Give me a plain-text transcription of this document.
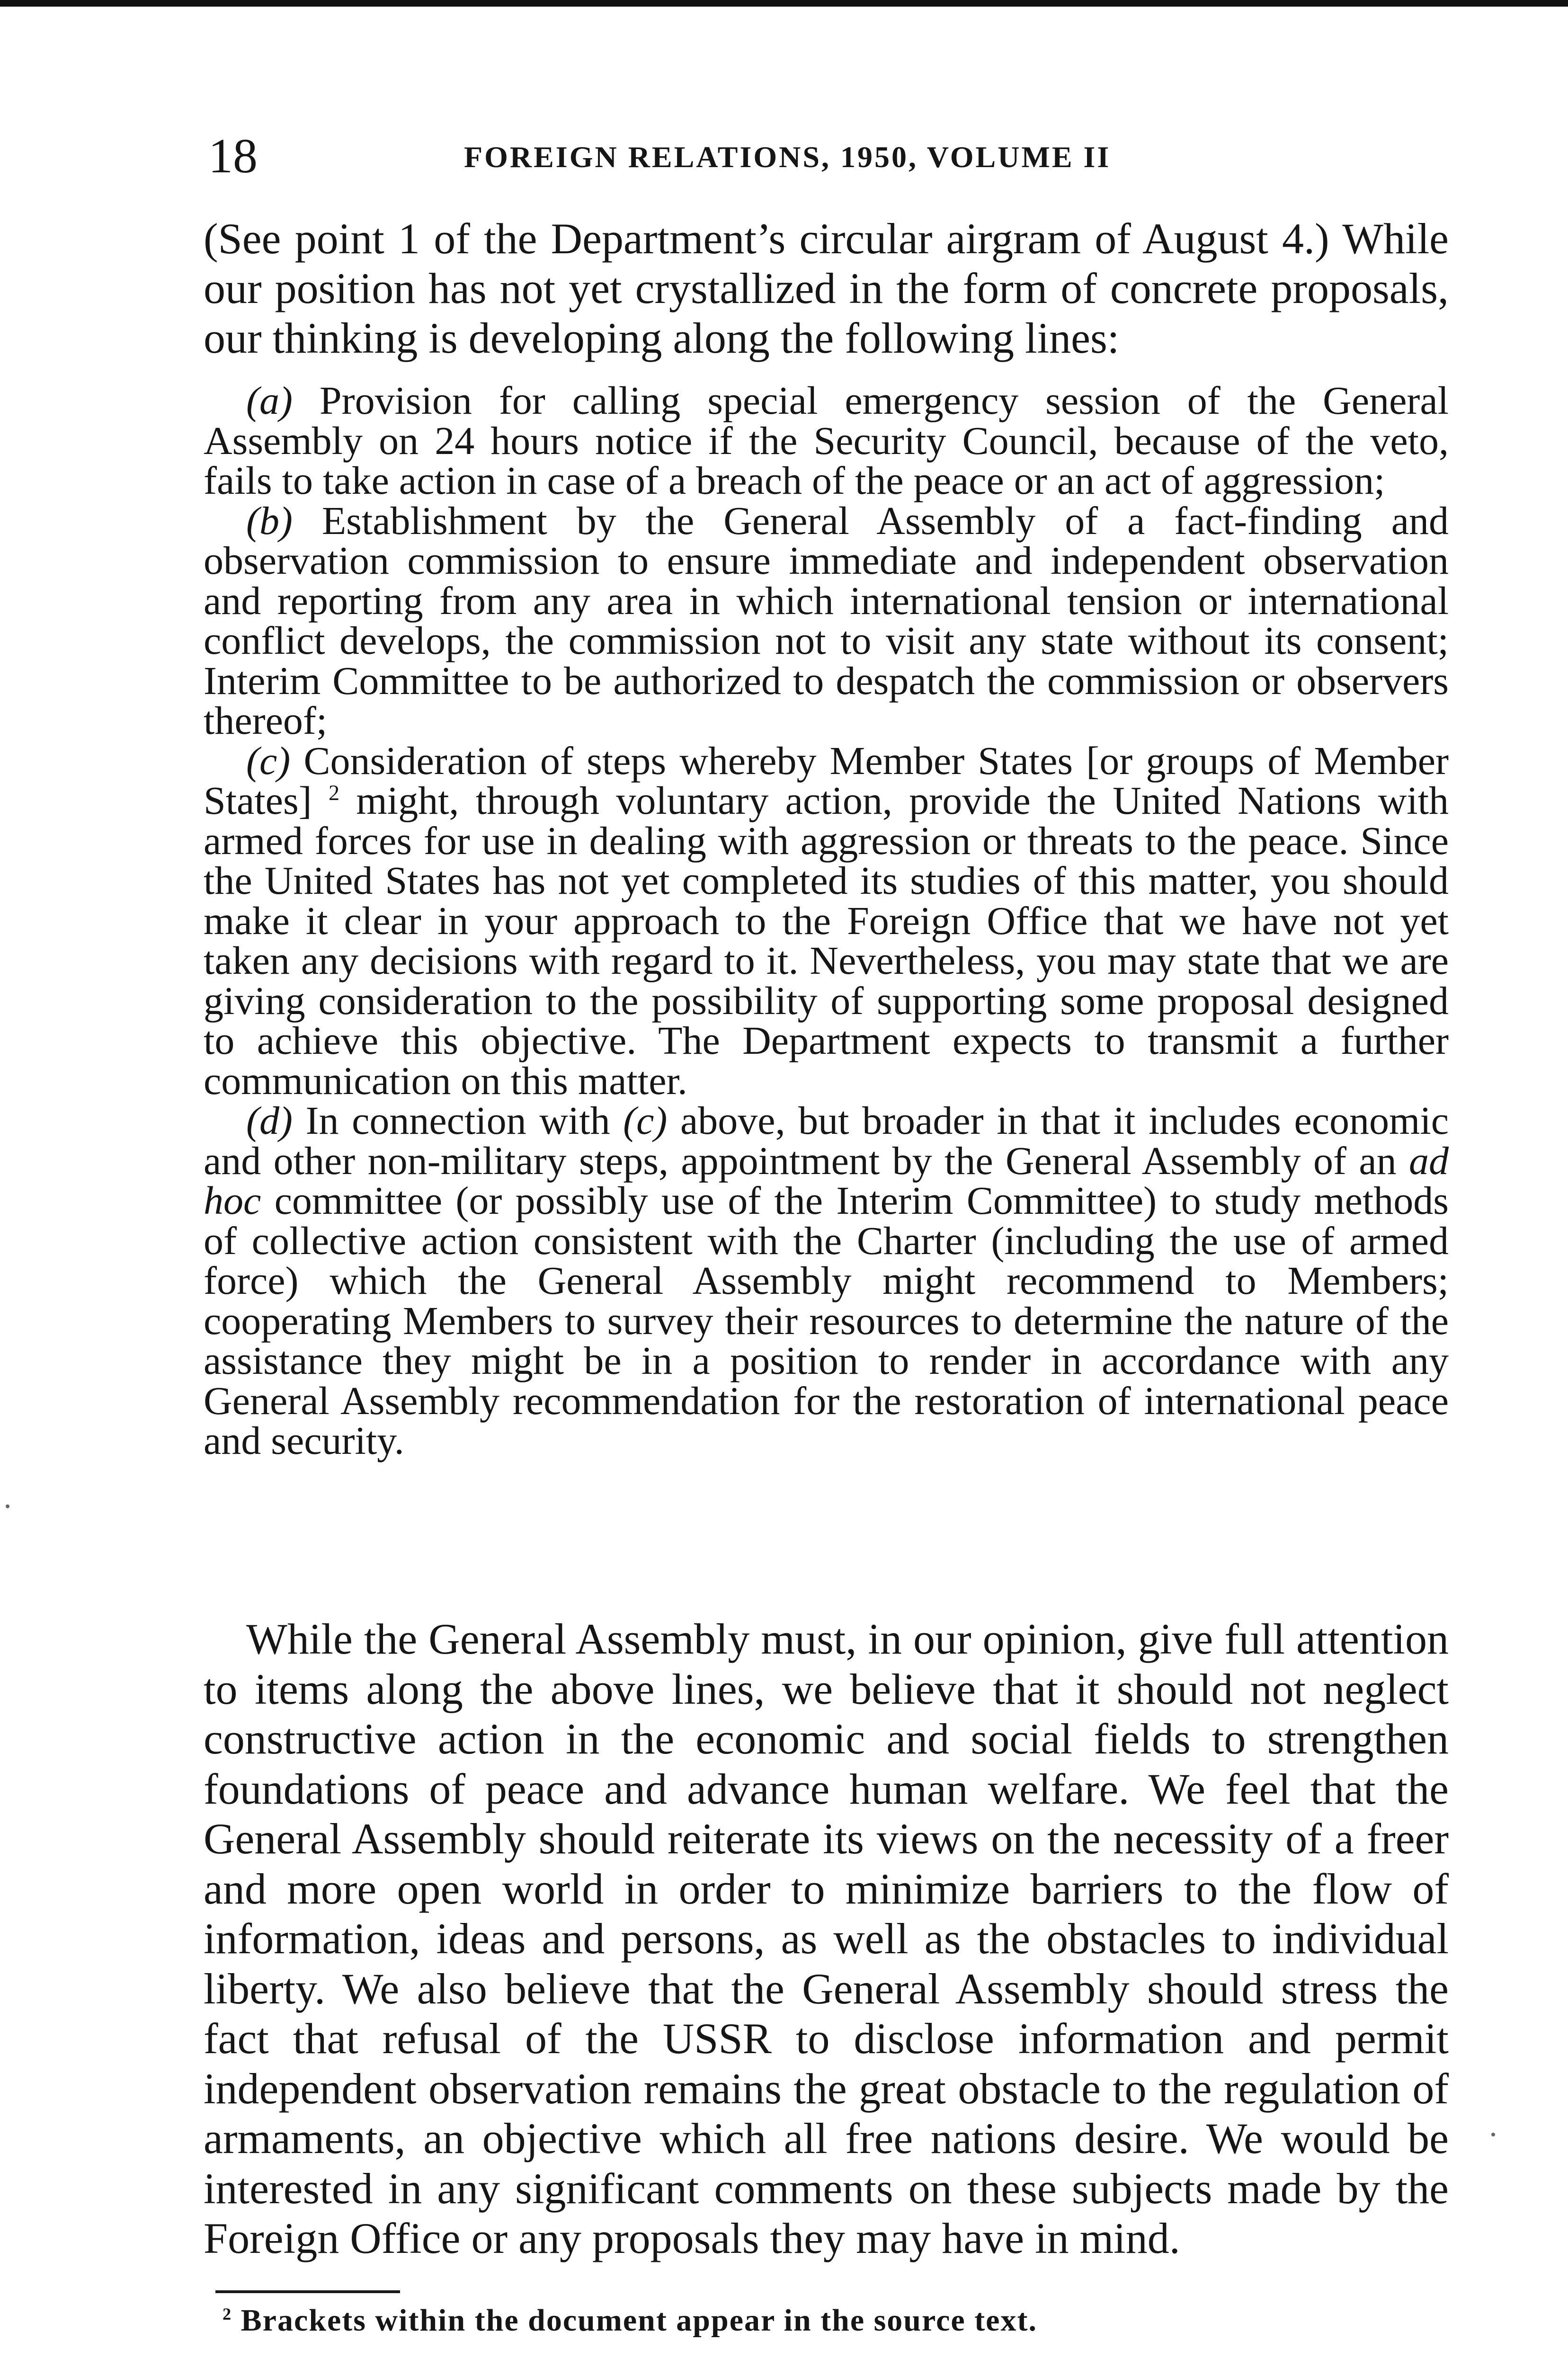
18	FOREIGN RELATIONS, 1950, VOLUME II

(See point 1 of the Department’s circular airgram of August 4.) While our position has not yet crystallized in the form of concrete proposals, our thinking is developing along the following lines:

(a) Provision for calling special emergency session of the General Assembly on 24 hours notice if the Security Council, because of the veto, fails to take action in case of a breach of the peace or an act of aggression;

(b) Establishment by the General Assembly of a fact-finding and observation commission to ensure immediate and independent observation and reporting from any area in which international tension or international conflict develops, the commission not to visit any state without its consent; Interim Committee to be authorized to despatch the commission or observers thereof;

(c) Consideration of steps whereby Member States [or groups of Member States] $^2$ might, through voluntary action, provide the United Nations with armed forces for use in dealing with aggression or threats to the peace. Since the United States has not yet completed its studies of this matter, you should make it clear in your approach to the Foreign Office that we have not yet taken any decisions with regard to it. Nevertheless, you may state that we are giving consideration to the possibility of supporting some proposal designed to achieve this objective. The Department expects to transmit a further communication on this matter.

(d) In connection with (c) above, but broader in that it includes economic and other non-military steps, appointment by the General Assembly of an ad hoc committee (or possibly use of the Interim Committee) to study methods of collective action consistent with the Charter (including the use of armed force) which the General Assembly might recommend to Members; cooperating Members to survey their resources to determine the nature of the assistance they might be in a position to render in accordance with any General Assembly recommendation for the restoration of international peace and security.

While the General Assembly must, in our opinion, give full attention to items along the above lines, we believe that it should not neglect constructive action in the economic and social fields to strengthen foundations of peace and advance human welfare. We feel that the General Assembly should reiterate its views on the necessity of a freer and more open world in order to minimize barriers to the flow of information, ideas and persons, as well as the obstacles to individual liberty. We also believe that the General Assembly should stress the fact that refusal of the USSR to disclose information and permit independent observation remains the great obstacle to the regulation of armaments, an objective which all free nations desire. We would be interested in any significant comments on these subjects made by the Foreign Office or any proposals they may have in mind.

$^2$ Brackets within the document appear in the source text.
